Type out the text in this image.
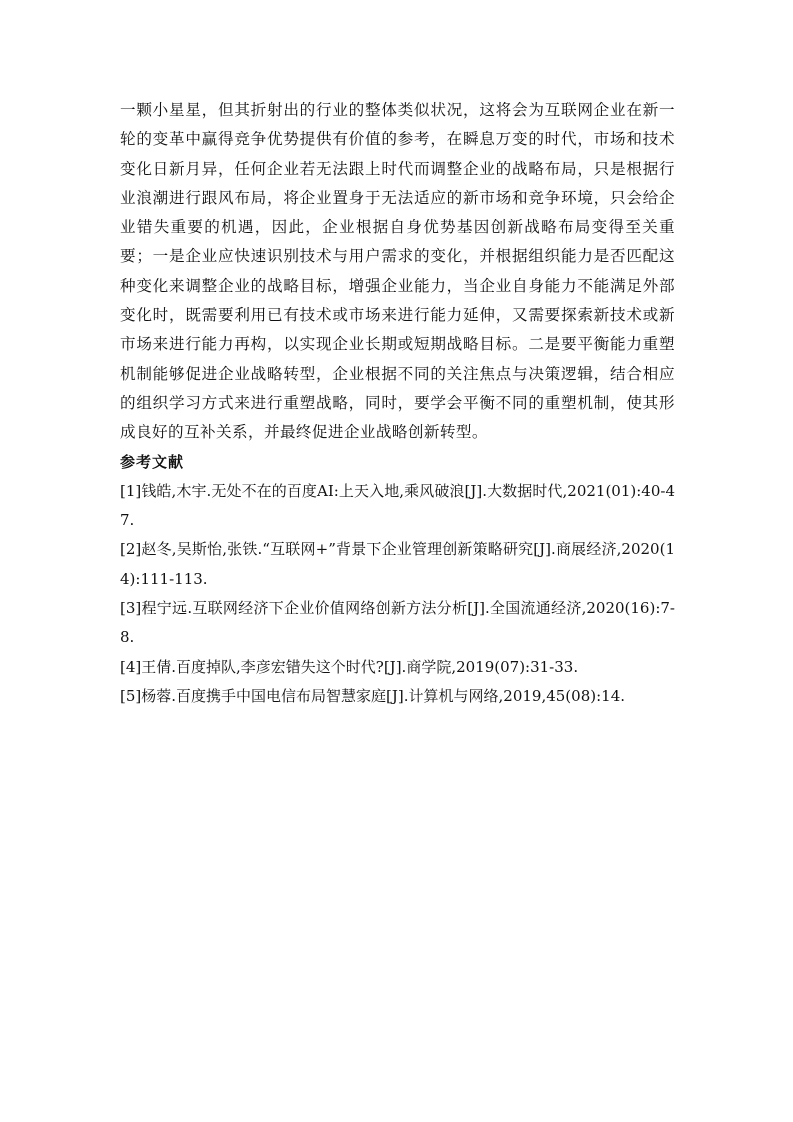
一颗小星星，但其折射出的行业的整体类似状况，这将会为互联网企业在新一轮的变革中赢得竞争优势提供有价值的参考，在瞬息万变的时代，市场和技术变化日新月异，任何企业若无法跟上时代而调整企业的战略布局，只是根据行业浪潮进行跟风布局，将企业置身于无法适应的新市场和竞争环境，只会给企业错失重要的机遇，因此，企业根据自身优势基因创新战略布局变得至关重要；一是企业应快速识别技术与用户需求的变化，并根据组织能力是否匹配这种变化来调整企业的战略目标，增强企业能力，当企业自身能力不能满足外部变化时，既需要利用已有技术或市场来进行能力延伸，又需要探索新技术或新市场来进行能力再构，以实现企业长期或短期战略目标。二是要平衡能力重塑机制能够促进企业战略转型，企业根据不同的关注焦点与决策逻辑，结合相应的组织学习方式来进行重塑战略，同时，要学会平衡不同的重塑机制，使其形成良好的互补关系，并最终促进企业战略创新转型。

参考文献
[1]钱皓,木宇.无处不在的百度AI:上天入地,乘风破浪[J].大数据时代,2021(01):40-47.
[2]赵冬,吴斯怡,张铁.“互联网+”背景下企业管理创新策略研究[J].商展经济,2020(14):111-113.
[3]程宁远.互联网经济下企业价值网络创新方法分析[J].全国流通经济,2020(16):7-8.
[4]王倩.百度掉队,李彦宏错失这个时代?[J].商学院,2019(07):31-33.
[5]杨蓉.百度携手中国电信布局智慧家庭[J].计算机与网络,2019,45(08):14.
